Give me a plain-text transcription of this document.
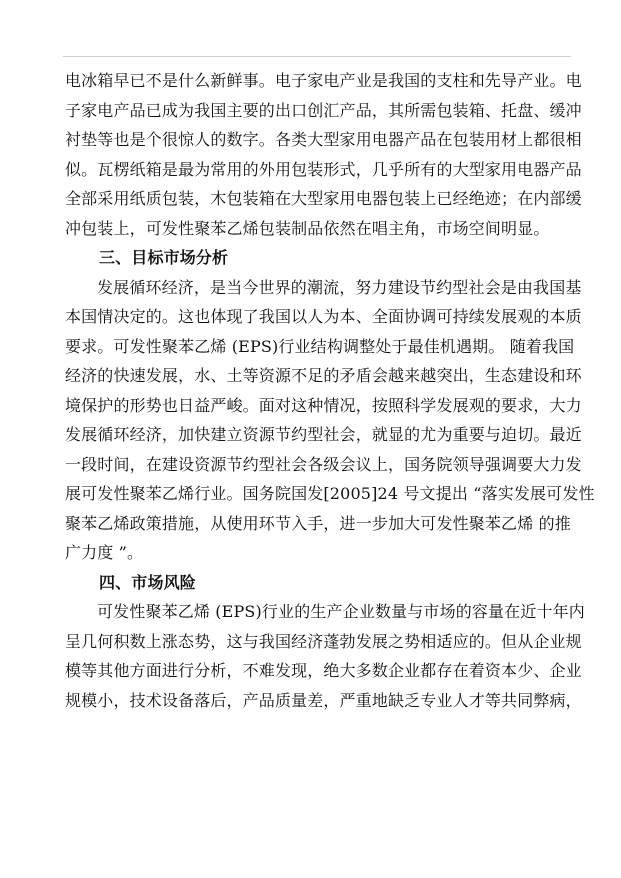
电冰箱早已不是什么新鲜事。电子家电产业是我国的支柱和先导产业。电
子家电产品已成为我国主要的出口创汇产品，其所需包装箱、托盘、缓冲
衬垫等也是个很惊人的数字。各类大型家用电器产品在包装用材上都很相
似。瓦楞纸箱是最为常用的外用包装形式，几乎所有的大型家用电器产品
全部采用纸质包装，木包装箱在大型家用电器包装上已经绝迹；在内部缓
冲包装上，可发性聚苯乙烯包装制品依然在唱主角，市场空间明显。
三、目标市场分析
发展循环经济，是当今世界的潮流，努力建设节约型社会是由我国基
本国情决定的。这也体现了我国以人为本、全面协调可持续发展观的本质
要求。可发性聚苯乙烯 (EPS)行业结构调整处于最佳机遇期。 随着我国
经济的快速发展，水、土等资源不足的矛盾会越来越突出，生态建设和环
境保护的形势也日益严峻。面对这种情况，按照科学发展观的要求，大力
发展循环经济，加快建立资源节约型社会，就显的尤为重要与迫切。最近
一段时间，在建设资源节约型社会各级会议上，国务院领导强调要大力发
展可发性聚苯乙烯行业。国务院国发[2005]24 号文提出 “落实发展可发性
聚苯乙烯政策措施，从使用环节入手，进一步加大可发性聚苯乙烯 的推
广力度 ”。
四、市场风险
可发性聚苯乙烯 (EPS)行业的生产企业数量与市场的容量在近十年内
呈几何积数上涨态势，这与我国经济蓬勃发展之势相适应的。但从企业规
模等其他方面进行分析，不难发现，绝大多数企业都存在着资本少、企业
规模小，技术设备落后，产品质量差，严重地缺乏专业人才等共同弊病，
